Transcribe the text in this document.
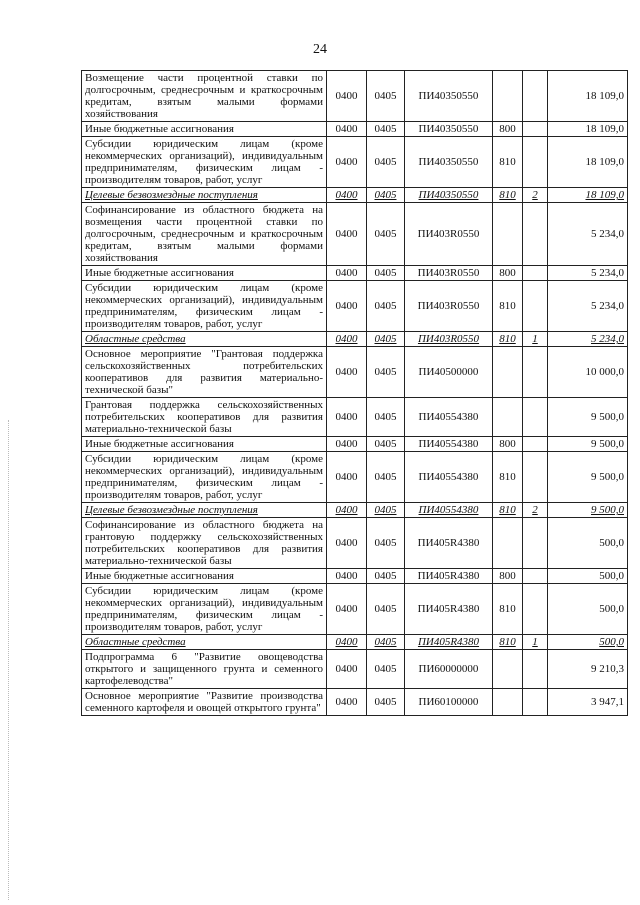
24
Возмещение части процентной ставки по долгосрочным, среднесрочным и краткосрочным кредитам, взятым малыми формами хозяйствования	0400	0405	ПИ40350550			18 109,0
Иные бюджетные ассигнования	0400	0405	ПИ40350550	800		18 109,0
Субсидии юридическим лицам (кроме некоммерческих организаций), индивидуальным предпринимателям, физическим лицам - производителям товаров, работ, услуг	0400	0405	ПИ40350550	810		18 109,0
Целевые безвозмездные поступления	0400	0405	ПИ40350550	810	2	18 109,0
Софинансирование из областного бюджета на возмещения части процентной ставки по долгосрочным, среднесрочным и краткосрочным кредитам, взятым малыми формами хозяйствования	0400	0405	ПИ403R0550			5 234,0
Иные бюджетные ассигнования	0400	0405	ПИ403R0550	800		5 234,0
Субсидии юридическим лицам (кроме некоммерческих организаций), индивидуальным предпринимателям, физическим лицам - производителям товаров, работ, услуг	0400	0405	ПИ403R0550	810		5 234,0
Областные средства	0400	0405	ПИ403R0550	810	1	5 234,0
Основное мероприятие "Грантовая поддержка сельскохозяйственных потребительских кооперативов для развития материально-технической базы"	0400	0405	ПИ40500000			10 000,0
Грантовая поддержка сельскохозяйственных потребительских кооперативов для развития материально-технической базы	0400	0405	ПИ40554380			9 500,0
Иные бюджетные ассигнования	0400	0405	ПИ40554380	800		9 500,0
Субсидии юридическим лицам (кроме некоммерческих организаций), индивидуальным предпринимателям, физическим лицам - производителям товаров, работ, услуг	0400	0405	ПИ40554380	810		9 500,0
Целевые безвозмездные поступления	0400	0405	ПИ40554380	810	2	9 500,0
Софинансирование из областного бюджета на грантовую поддержку сельскохозяйственных потребительских кооперативов для развития материально-технической базы	0400	0405	ПИ405R4380			500,0
Иные бюджетные ассигнования	0400	0405	ПИ405R4380	800		500,0
Субсидии юридическим лицам (кроме некоммерческих организаций), индивидуальным предпринимателям, физическим лицам - производителям товаров, работ, услуг	0400	0405	ПИ405R4380	810		500,0
Областные средства	0400	0405	ПИ405R4380	810	1	500,0
Подпрограмма 6 "Развитие овощеводства открытого и защищенного грунта и семенного картофелеводства"	0400	0405	ПИ60000000			9 210,3
Основное мероприятие "Развитие производства семенного картофеля и овощей открытого грунта"	0400	0405	ПИ60100000			3 947,1
